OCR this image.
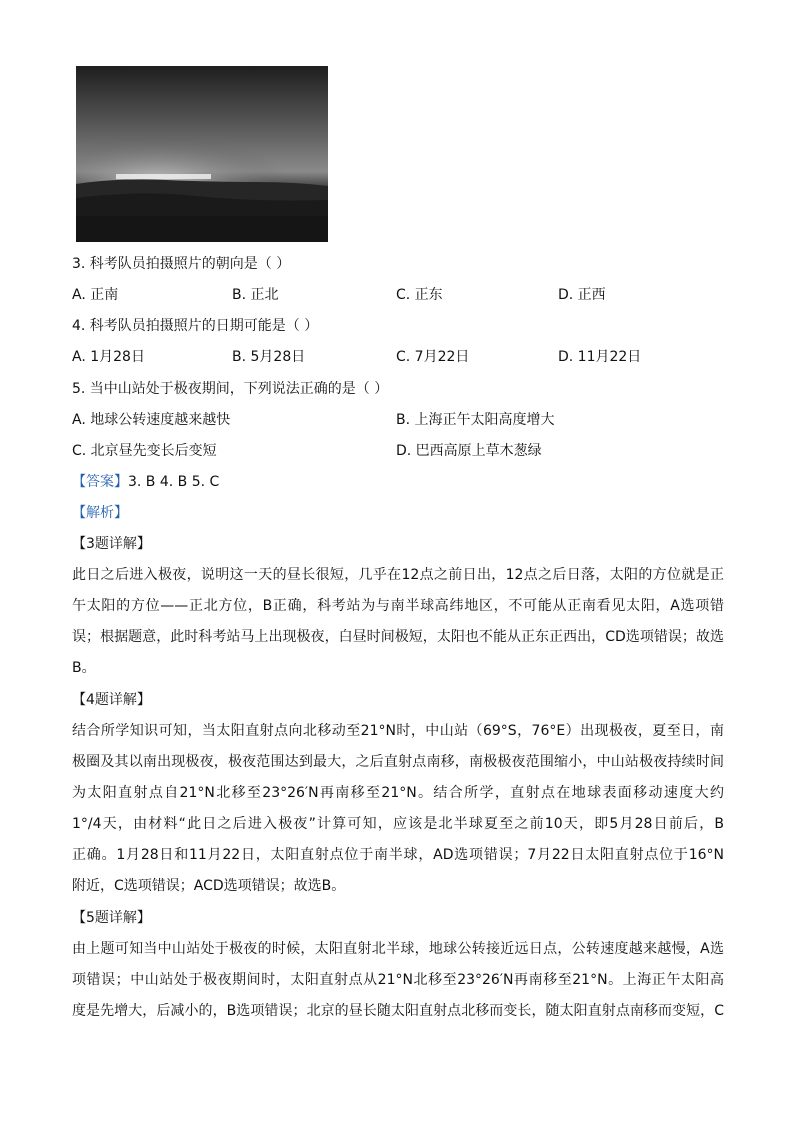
3. 科考队员拍摄照片的朝向是（ ）
A. 正南	B. 正北	C. 正东	D. 正西
4. 科考队员拍摄照片的日期可能是（ ）
A. 1月28日	B. 5月28日	C. 7月22日	D. 11月22日
5. 当中山站处于极夜期间，下列说法正确的是（ ）
A. 地球公转速度越来越快	B. 上海正午太阳高度增大
C. 北京昼先变长后变短	D. 巴西高原上草木葱绿
【答案】3. B 4. B 5. C
【解析】
【3题详解】
此日之后进入极夜，说明这一天的昼长很短，几乎在12点之前日出，12点之后日落，太阳的方位就是正
午太阳的方位——正北方位，B正确，科考站为与南半球高纬地区，不可能从正南看见太阳，A选项错
误；根据题意，此时科考站马上出现极夜，白昼时间极短，太阳也不能从正东正西出，CD选项错误；故选
B。
【4题详解】
结合所学知识可知，当太阳直射点向北移动至21°N时，中山站（69°S，76°E）出现极夜，夏至日，南
极圈及其以南出现极夜，极夜范围达到最大，之后直射点南移，南极极夜范围缩小，中山站极夜持续时间
为太阳直射点自21°N北移至23°26′N再南移至21°N。结合所学，直射点在地球表面移动速度大约
1°/4天，由材料“此日之后进入极夜”计算可知，应该是北半球夏至之前10天，即5月28日前后，B
正确。1月28日和11月22日，太阳直射点位于南半球，AD选项错误；7月22日太阳直射点位于16°N
附近，C选项错误；ACD选项错误；故选B。
【5题详解】
由上题可知当中山站处于极夜的时候，太阳直射北半球，地球公转接近远日点，公转速度越来越慢，A选
项错误；中山站处于极夜期间时，太阳直射点从21°N北移至23°26′N再南移至21°N。上海正午太阳高
度是先增大，后减小的，B选项错误；北京的昼长随太阳直射点北移而变长，随太阳直射点南移而变短，C
